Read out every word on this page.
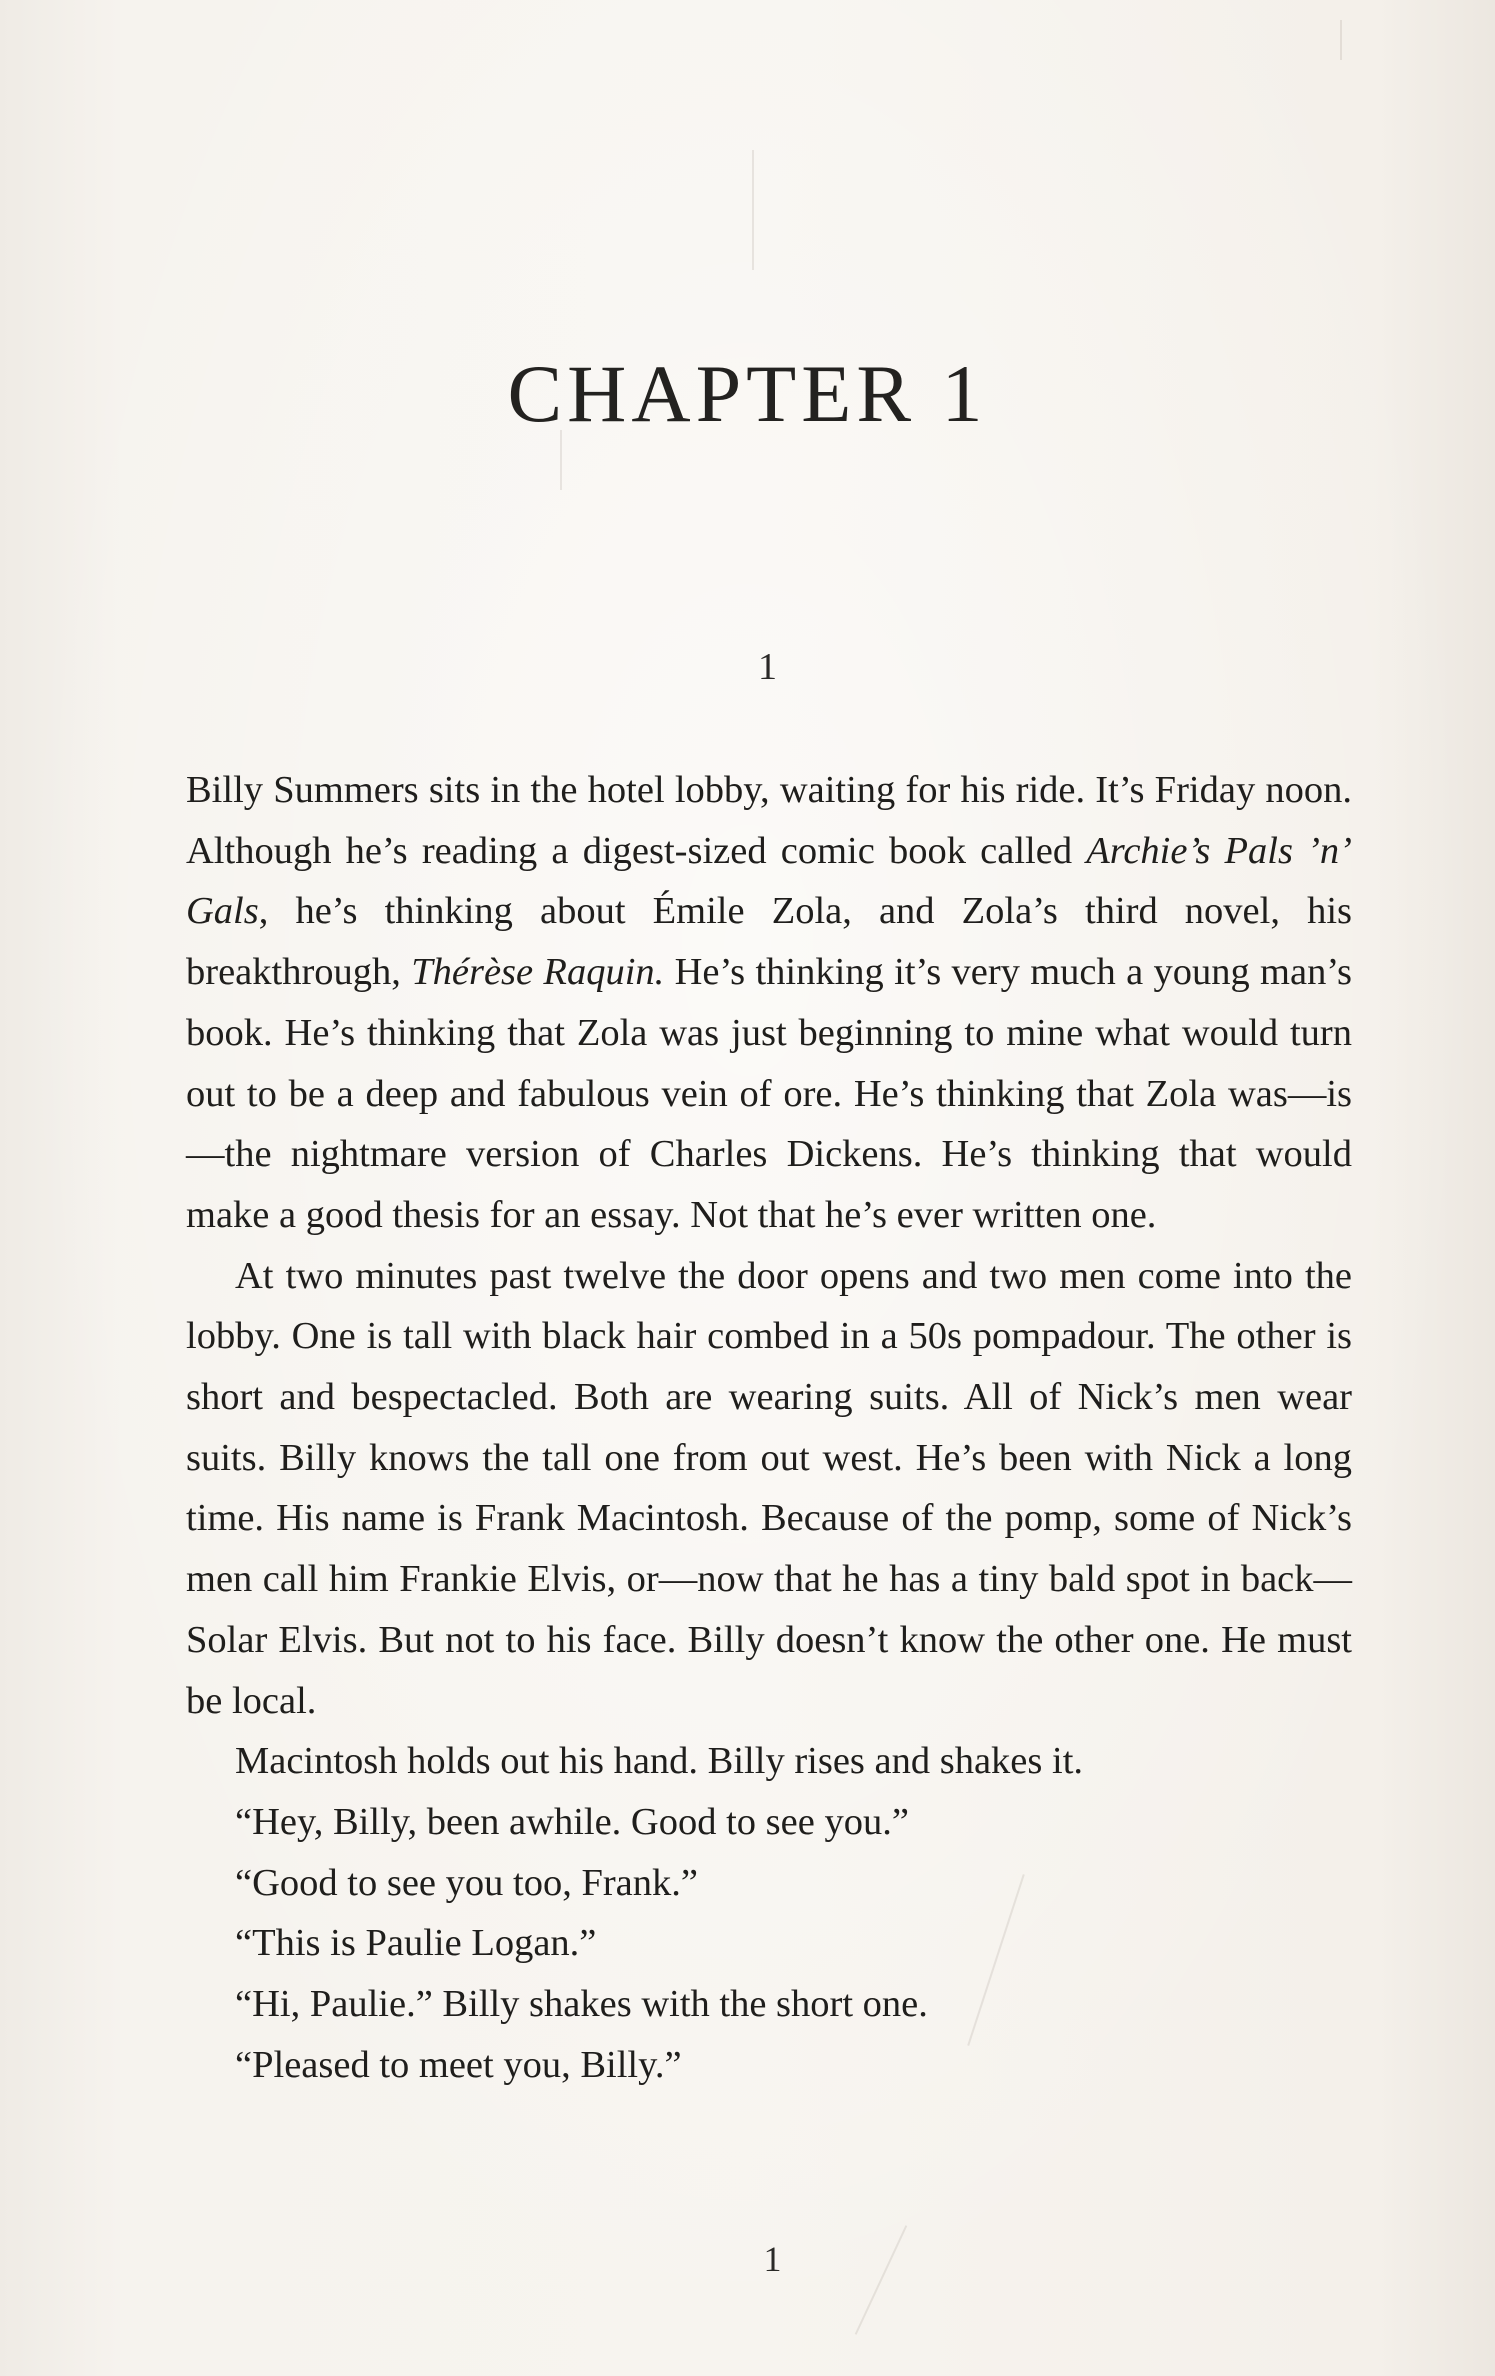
CHAPTER 1
1

Billy Summers sits in the hotel lobby, waiting for his ride. It’s Friday noon. Although he’s reading a digest-sized comic book called Archie’s Pals ’n’ Gals, he’s thinking about Émile Zola, and Zola’s third novel, his breakthrough, Thérèse Raquin. He’s thinking it’s very much a young man’s book. He’s thinking that Zola was just beginning to mine what would turn out to be a deep and fabulous vein of ore. He’s thinking that Zola was—is—the nightmare version of Charles Dickens. He’s thinking that would make a good thesis for an essay. Not that he’s ever written one.

At two minutes past twelve the door opens and two men come into the lobby. One is tall with black hair combed in a 50s pompadour. The other is short and bespectacled. Both are wearing suits. All of Nick’s men wear suits. Billy knows the tall one from out west. He’s been with Nick a long time. His name is Frank Macintosh. Because of the pomp, some of Nick’s men call him Frankie Elvis, or—now that he has a tiny bald spot in back—Solar Elvis. But not to his face. Billy doesn’t know the other one. He must be local.

Macintosh holds out his hand. Billy rises and shakes it.

“Hey, Billy, been awhile. Good to see you.”

“Good to see you too, Frank.”

“This is Paulie Logan.”

“Hi, Paulie.” Billy shakes with the short one.

“Pleased to meet you, Billy.”

1
